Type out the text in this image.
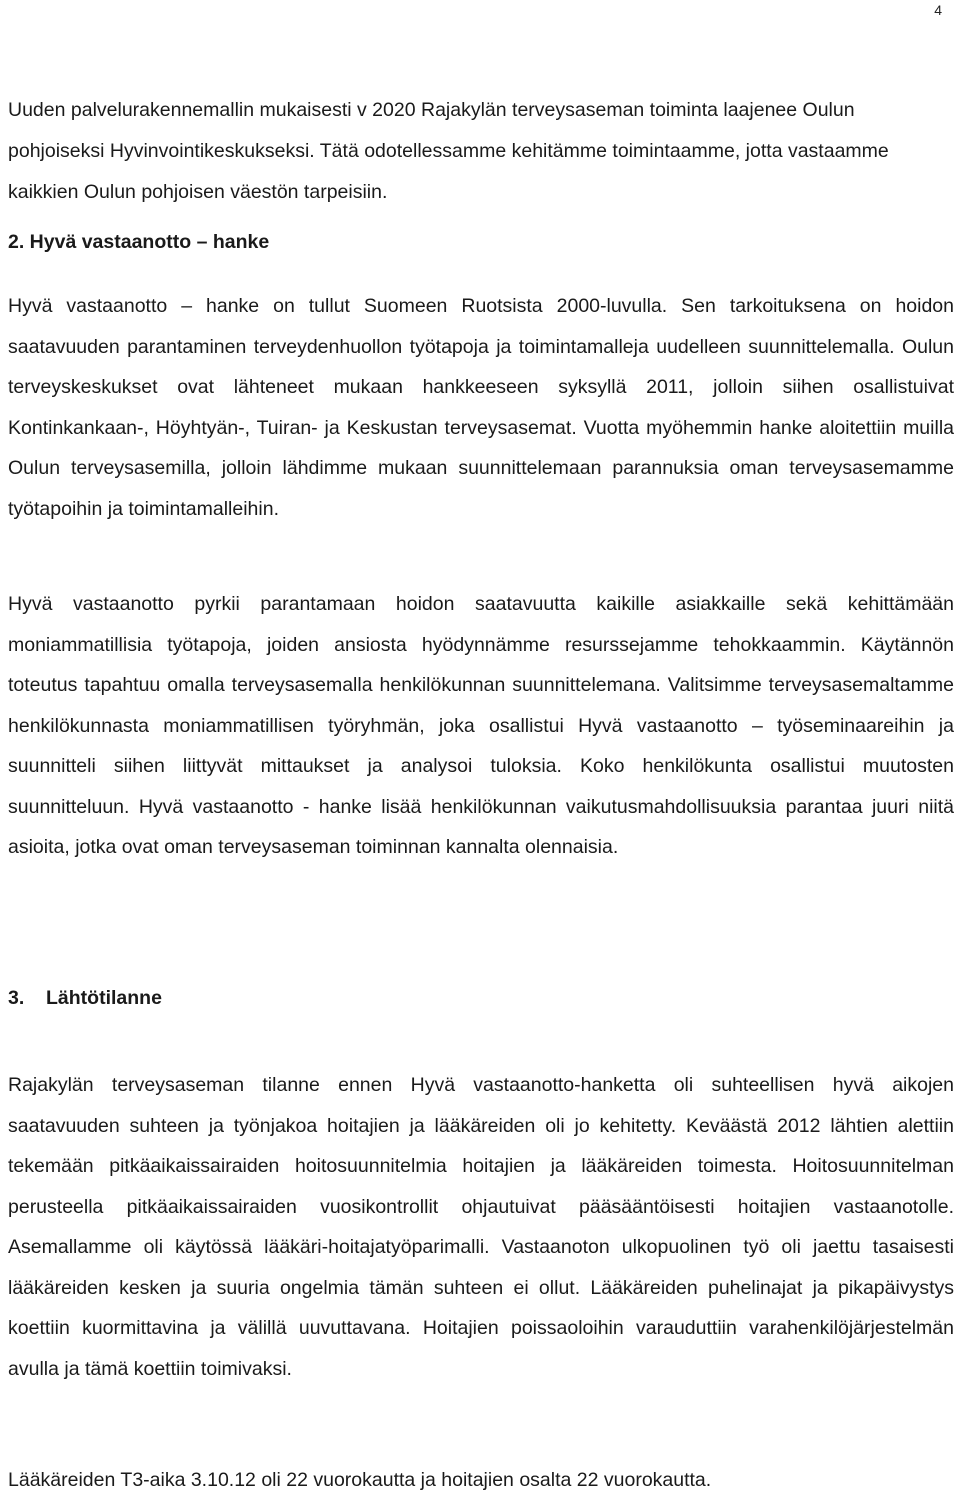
4

Uuden palvelurakennemallin mukaisesti v 2020 Rajakylän terveysaseman toiminta laajenee Oulun pohjoiseksi Hyvinvointikeskukseksi. Tätä odotellessamme kehitämme toimintaamme, jotta vastaamme kaikkien Oulun pohjoisen väestön tarpeisiin.

2. Hyvä vastaanotto – hanke

Hyvä vastaanotto – hanke on tullut Suomeen Ruotsista 2000-luvulla. Sen tarkoituksena on hoidon saatavuuden parantaminen terveydenhuollon työtapoja ja toimintamalleja uudelleen suunnittelemalla. Oulun terveyskeskukset ovat lähteneet mukaan hankkeeseen syksyllä 2011, jolloin siihen osallistuivat Kontinkankaan-, Höyhtyän-, Tuiran- ja Keskustan terveysasemat. Vuotta myöhemmin hanke aloitettiin muilla Oulun terveysasemilla, jolloin lähdimme mukaan suunnittelemaan parannuksia oman terveysasemamme työtapoihin ja toimintamalleihin.

Hyvä vastaanotto pyrkii parantamaan hoidon saatavuutta kaikille asiakkaille sekä kehittämään moniammatillisia työtapoja, joiden ansiosta hyödynnämme resurssejamme tehokkaammin. Käytännön toteutus tapahtuu omalla terveysasemalla henkilökunnan suunnittelemana. Valitsimme terveysasemaltamme henkilökunnasta moniammatillisen työryhmän, joka osallistui Hyvä vastaanotto – työseminaareihin ja suunnitteli siihen liittyvät mittaukset ja analysoi tuloksia. Koko henkilökunta osallistui muutosten suunnitteluun. Hyvä vastaanotto - hanke lisää henkilökunnan vaikutusmahdollisuuksia parantaa juuri niitä asioita, jotka ovat oman terveysaseman toiminnan kannalta olennaisia.

3. Lähtötilanne

Rajakylän terveysaseman tilanne ennen Hyvä vastaanotto-hanketta oli suhteellisen hyvä aikojen saatavuuden suhteen ja työnjakoa hoitajien ja lääkäreiden oli jo kehitetty. Keväästä 2012 lähtien alettiin tekemään pitkäaikaissairaiden hoitosuunnitelmia hoitajien ja lääkäreiden toimesta. Hoitosuunnitelman perusteella pitkäaikaissairaiden vuosikontrollit ohjautuivat pääsääntöisesti hoitajien vastaanotolle. Asemallamme oli käytössä lääkäri-hoitajatyöparimalli. Vastaanoton ulkopuolinen työ oli jaettu tasaisesti lääkäreiden kesken ja suuria ongelmia tämän suhteen ei ollut. Lääkäreiden puhelinajat ja pikapäivystys koettiin kuormittavina ja välillä uuvuttavana. Hoitajien poissaoloihin varauduttiin varahenkilöjärjestelmän avulla ja tämä koettiin toimivaksi.

Lääkäreiden T3-aika 3.10.12 oli 22 vuorokautta ja hoitajien osalta 22 vuorokautta.
